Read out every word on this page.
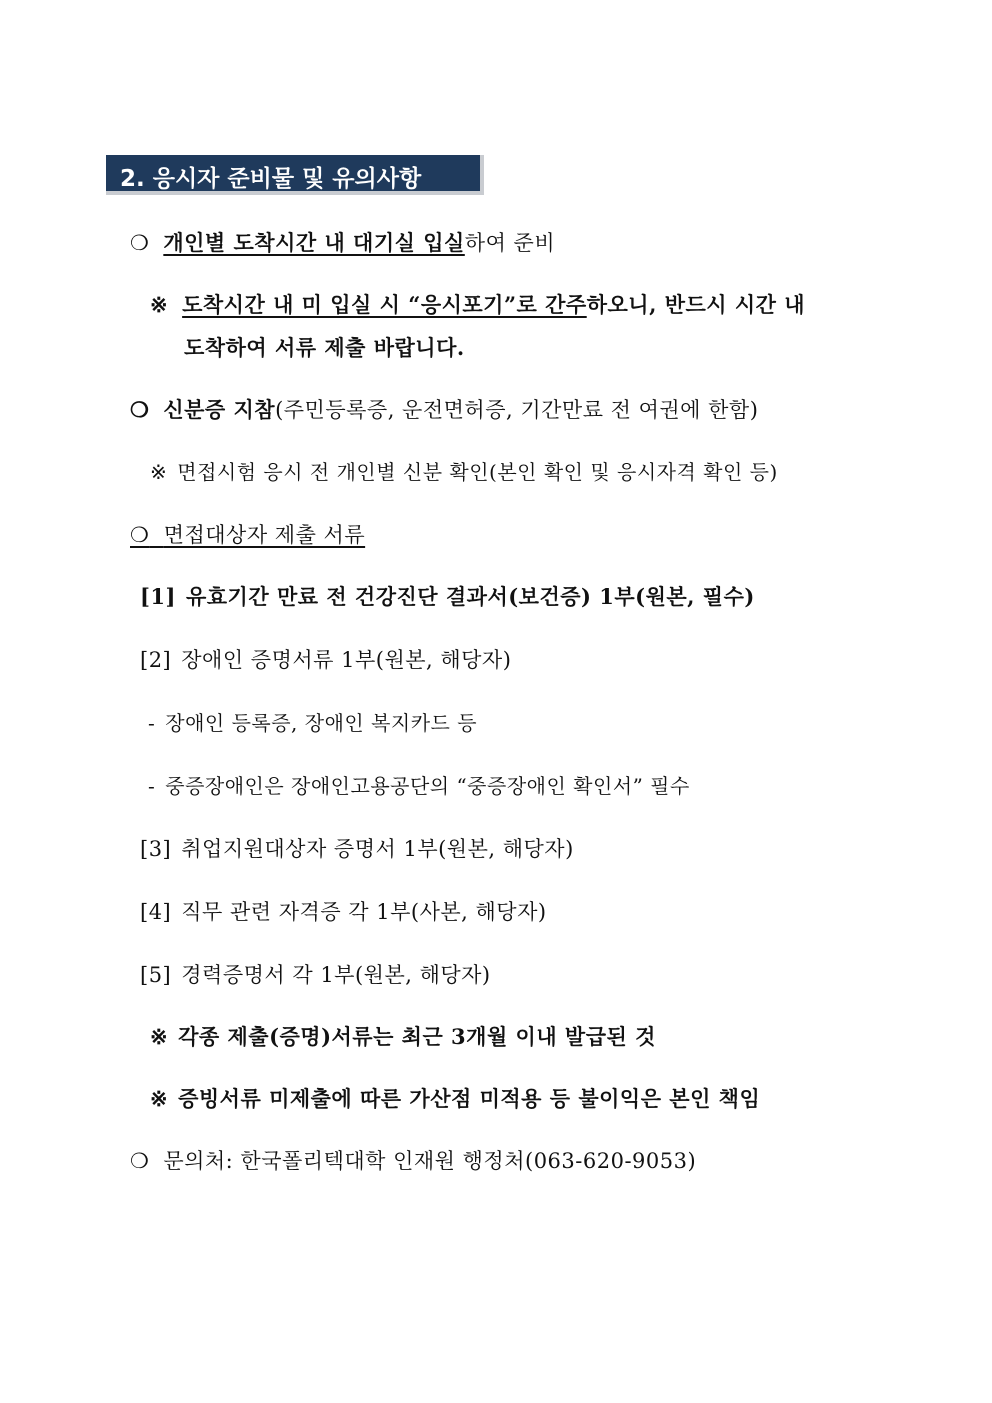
2. 응시자 준비물 및 유의사항
❍ 개인별 도착시간 내 대기실 입실하여 준비
※ 도착시간 내 미 입실 시 “응시포기”로 간주하오니, 반드시 시간 내
도착하여 서류 제출 바랍니다.
❍ 신분증 지참(주민등록증, 운전면허증, 기간만료 전 여권에 한함)
※ 면접시험 응시 전 개인별 신분 확인(본인 확인 및 응시자격 확인 등)
❍ 면접대상자 제출 서류
[1] 유효기간 만료 전 건강진단 결과서(보건증) 1부(원본, 필수)
[2] 장애인 증명서류 1부(원본, 해당자)
- 장애인 등록증, 장애인 복지카드 등
- 중증장애인은 장애인고용공단의 “중증장애인 확인서” 필수
[3] 취업지원대상자 증명서 1부(원본, 해당자)
[4] 직무 관련 자격증 각 1부(사본, 해당자)
[5] 경력증명서 각 1부(원본, 해당자)
※ 각종 제출(증명)서류는 최근 3개월 이내 발급된 것
※ 증빙서류 미제출에 따른 가산점 미적용 등 불이익은 본인 책임
❍ 문의처: 한국폴리텍대학 인재원 행정처(063-620-9053)
